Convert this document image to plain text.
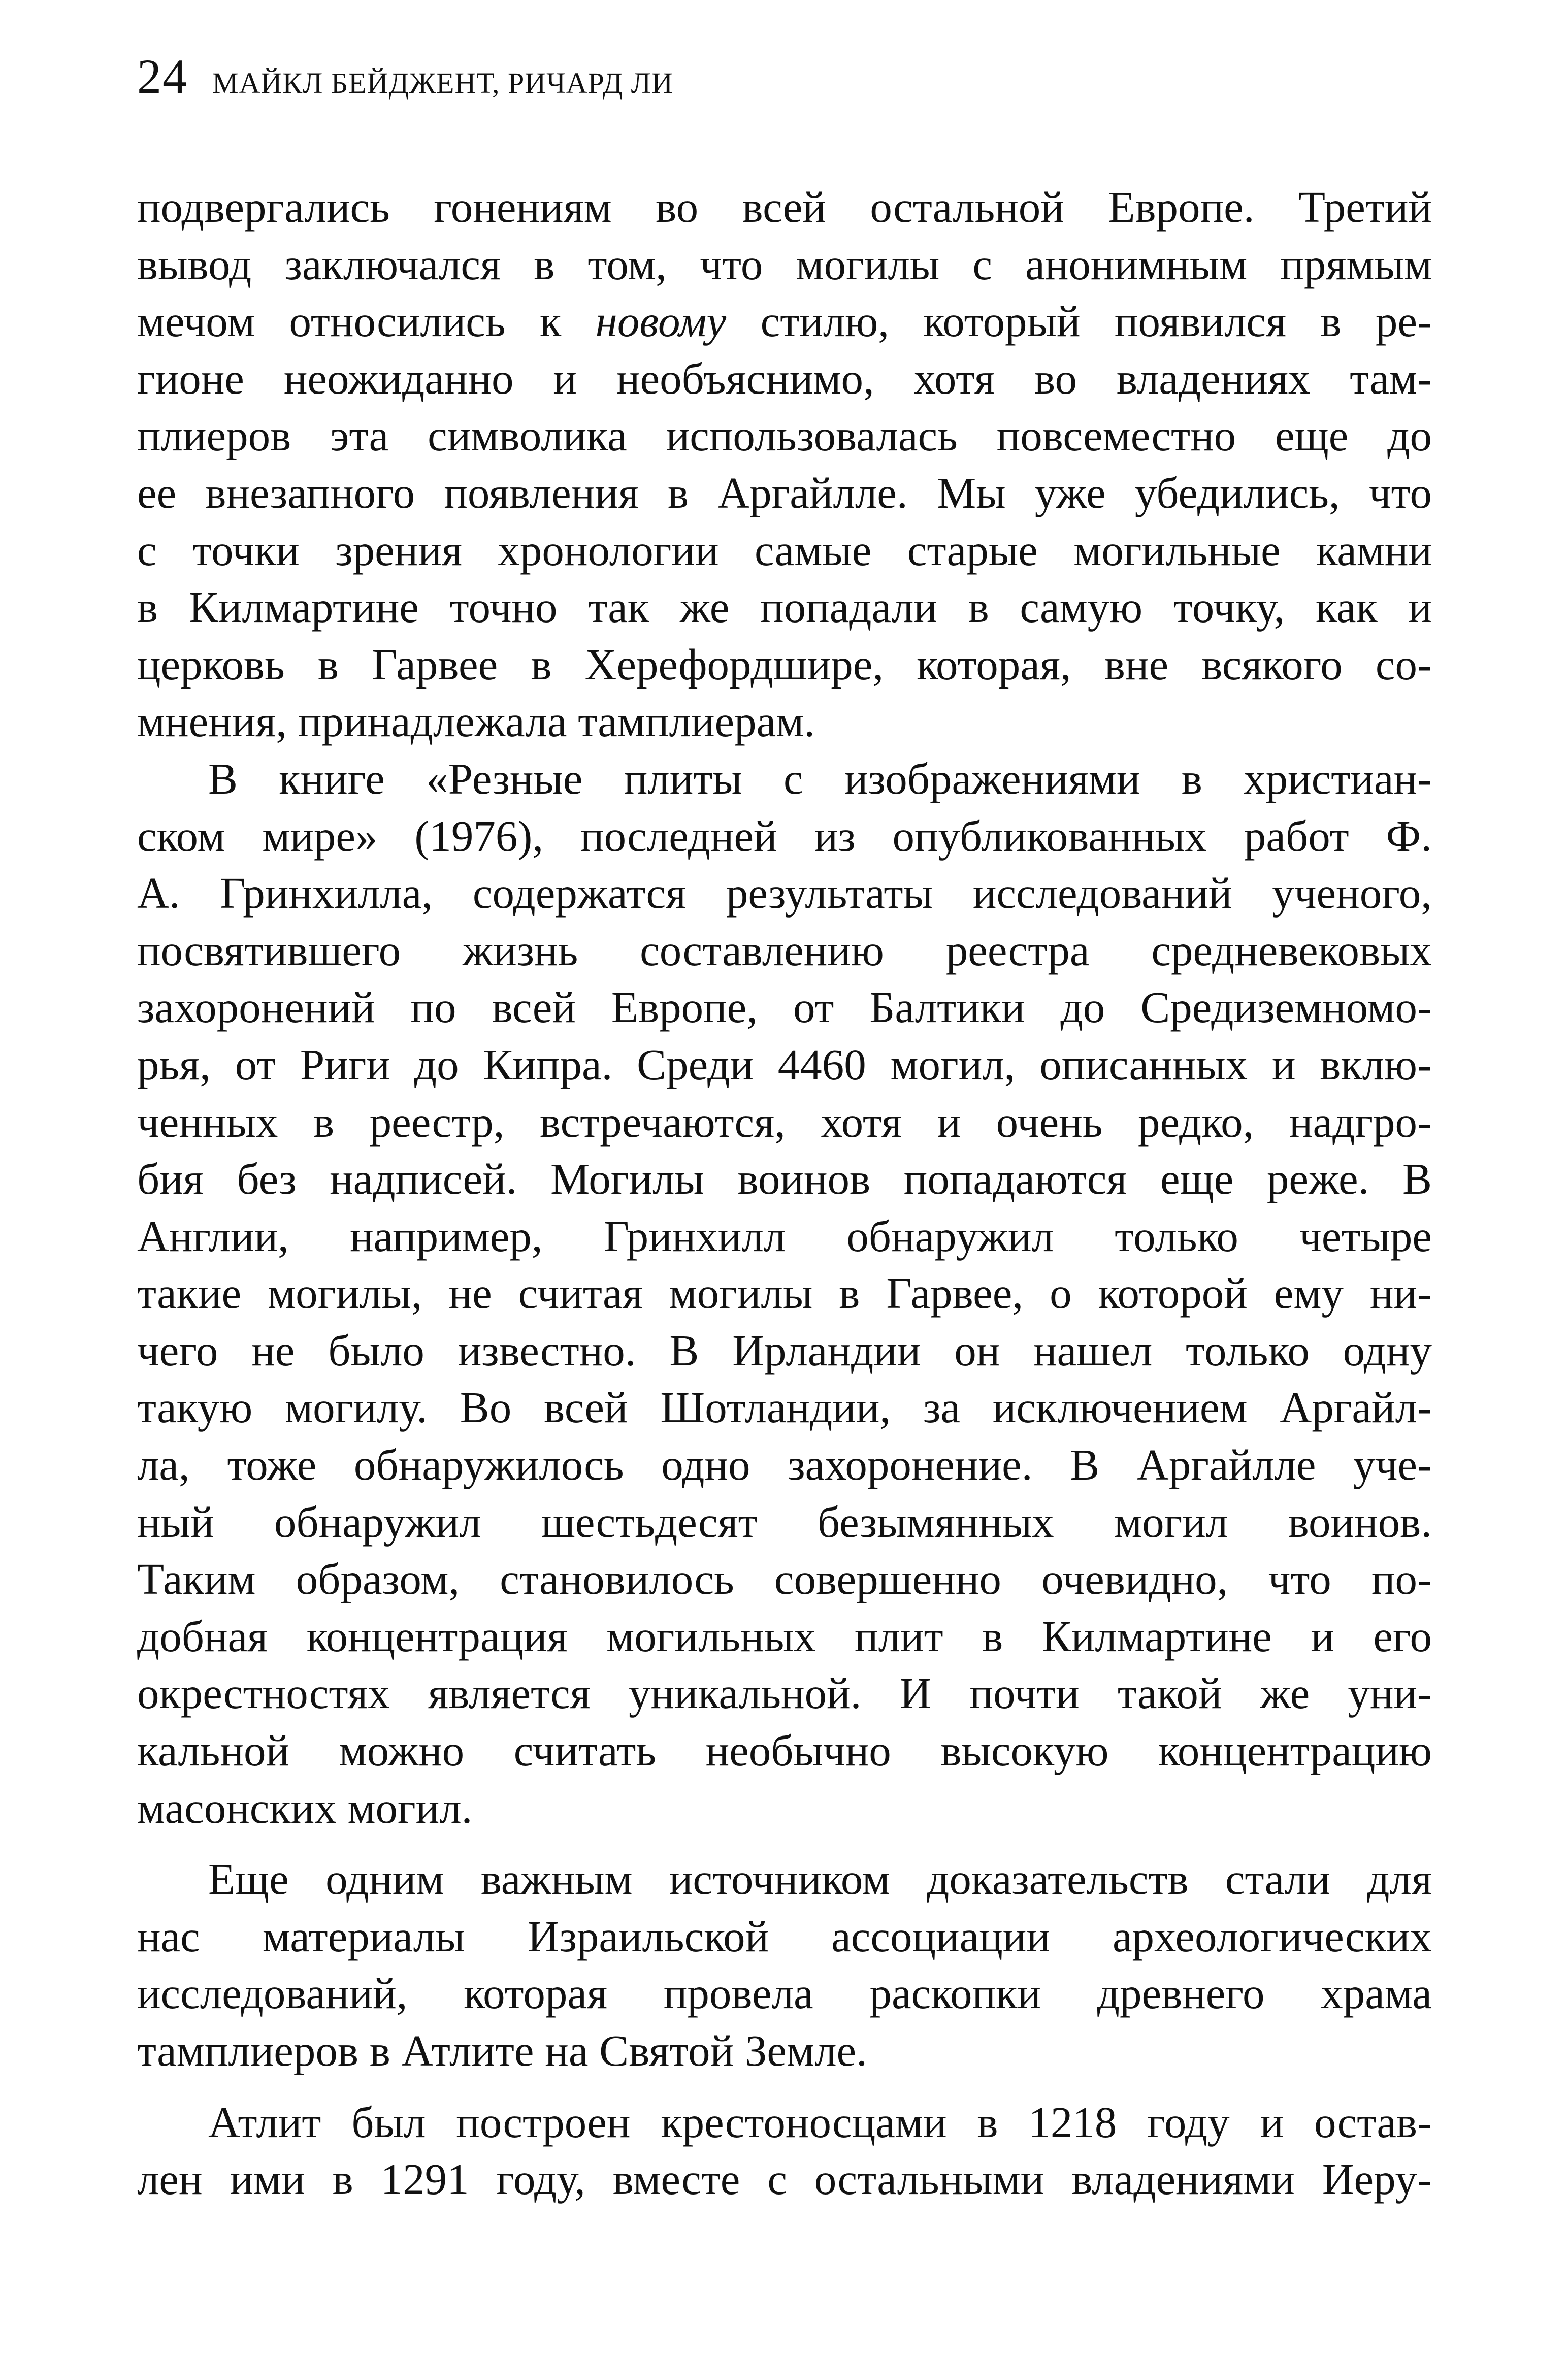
24 МАЙКЛ БЕЙДЖЕНТ, РИЧАРД ЛИ
подвергались гонениям во всей остальной Европе. Третий
вывод заключался в том, что могилы с анонимным прямым
мечом относились к новому стилю, который появился в ре-
гионе неожиданно и необъяснимо, хотя во владениях там-
плиеров эта символика использовалась повсеместно еще до
ее внезапного появления в Аргайлле. Мы уже убедились, что
с точки зрения хронологии самые старые могильные камни
в Килмартине точно так же попадали в самую точку, как и
церковь в Гарвее в Херефордшире, которая, вне всякого со-
мнения, принадлежала тамплиерам.
В книге «Резные плиты с изображениями в христиан-
ском мире» (1976), последней из опубликованных работ Ф.
А. Гринхилла, содержатся результаты исследований ученого,
посвятившего жизнь составлению реестра средневековых
захоронений по всей Европе, от Балтики до Средиземномо-
рья, от Риги до Кипра. Среди 4460 могил, описанных и вклю-
ченных в реестр, встречаются, хотя и очень редко, надгро-
бия без надписей. Могилы воинов попадаются еще реже. В
Англии, например, Гринхилл обнаружил только четыре
такие могилы, не считая могилы в Гарвее, о которой ему ни-
чего не было известно. В Ирландии он нашел только одну
такую могилу. Во всей Шотландии, за исключением Аргайл-
ла, тоже обнаружилось одно захоронение. В Аргайлле уче-
ный обнаружил шестьдесят безымянных могил воинов.
Таким образом, становилось совершенно очевидно, что по-
добная концентрация могильных плит в Килмартине и его
окрестностях является уникальной. И почти такой же уни-
кальной можно считать необычно высокую концентрацию
масонских могил.
Еще одним важным источником доказательств стали для
нас материалы Израильской ассоциации археологических
исследований, которая провела раскопки древнего храма
тамплиеров в Атлите на Святой Земле.
Атлит был построен крестоносцами в 1218 году и остав-
лен ими в 1291 году, вместе с остальными владениями Иеру-
